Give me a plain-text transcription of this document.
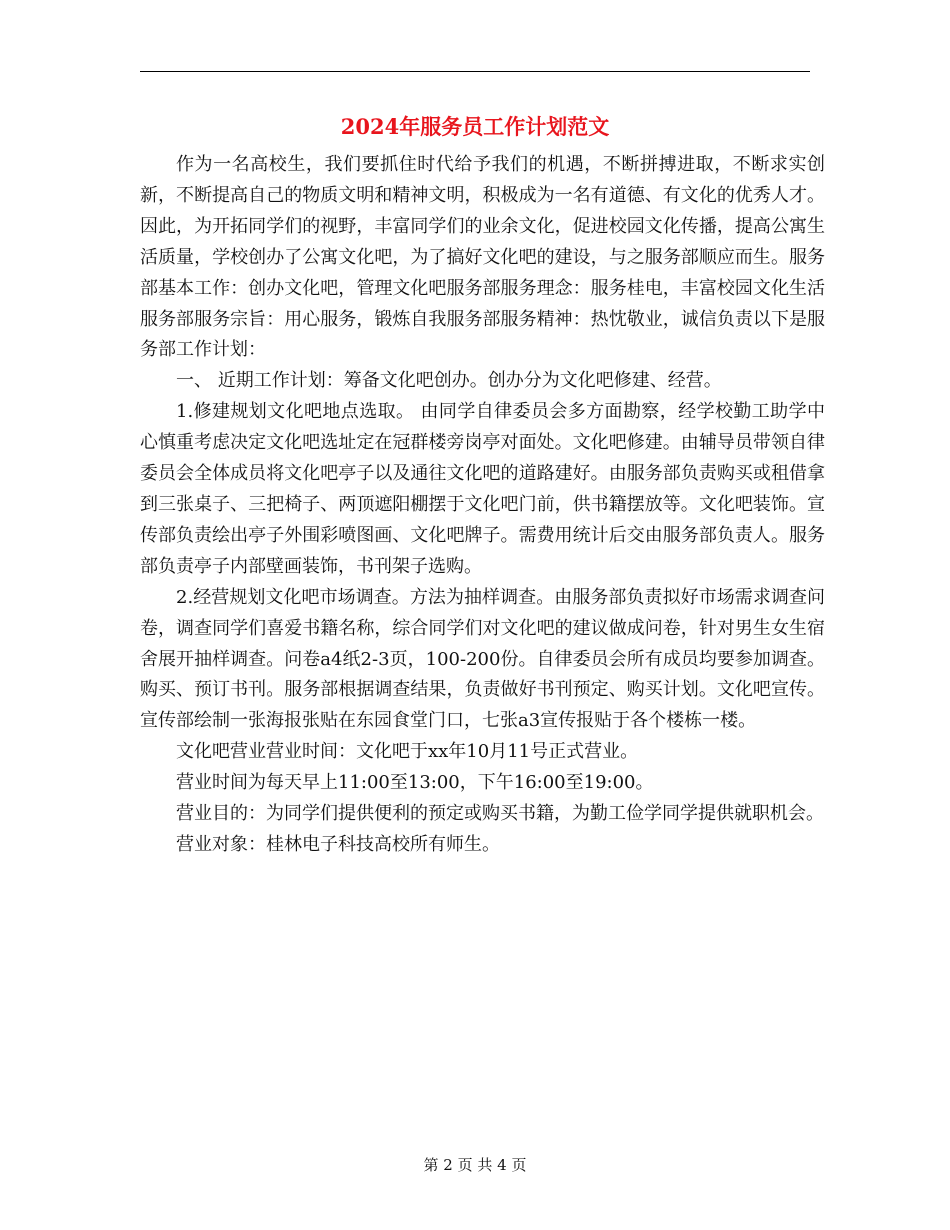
2024年服务员工作计划范文

作为一名高校生，我们要抓住时代给予我们的机遇，不断拼搏进取，不断求实创新，不断提高自己的物质文明和精神文明，积极成为一名有道德、有文化的优秀人才。因此，为开拓同学们的视野，丰富同学们的业余文化，促进校园文化传播，提高公寓生活质量，学校创办了公寓文化吧，为了搞好文化吧的建设，与之服务部顺应而生。服务部基本工作：创办文化吧，管理文化吧服务部服务理念：服务桂电，丰富校园文化生活服务部服务宗旨：用心服务，锻炼自我服务部服务精神：热忱敬业，诚信负责以下是服务部工作计划：

一、 近期工作计划：筹备文化吧创办。创办分为文化吧修建、经营。

1.修建规划文化吧地点选取。 由同学自律委员会多方面勘察，经学校勤工助学中心慎重考虑决定文化吧选址定在冠群楼旁岗亭对面处。文化吧修建。由辅导员带领自律委员会全体成员将文化吧亭子以及通往文化吧的道路建好。由服务部负责购买或租借拿到三张桌子、三把椅子、两顶遮阳棚摆于文化吧门前，供书籍摆放等。文化吧装饰。宣传部负责绘出亭子外围彩喷图画、文化吧牌子。需费用统计后交由服务部负责人。服务部负责亭子内部壁画装饰，书刊架子选购。

2.经营规划文化吧市场调查。方法为抽样调查。由服务部负责拟好市场需求调查问卷，调查同学们喜爱书籍名称，综合同学们对文化吧的建议做成问卷，针对男生女生宿舍展开抽样调查。问卷a4纸2-3页，100-200份。自律委员会所有成员均要参加调查。购买、预订书刊。服务部根据调查结果，负责做好书刊预定、购买计划。文化吧宣传。宣传部绘制一张海报张贴在东园食堂门口，七张a3宣传报贴于各个楼栋一楼。

文化吧营业营业时间：文化吧于xx年10月11号正式营业。

营业时间为每天早上11:00至13:00，下午16:00至19:00。

营业目的：为同学们提供便利的预定或购买书籍，为勤工俭学同学提供就职机会。

营业对象：桂林电子科技高校所有师生。

第 2 页 共 4 页
